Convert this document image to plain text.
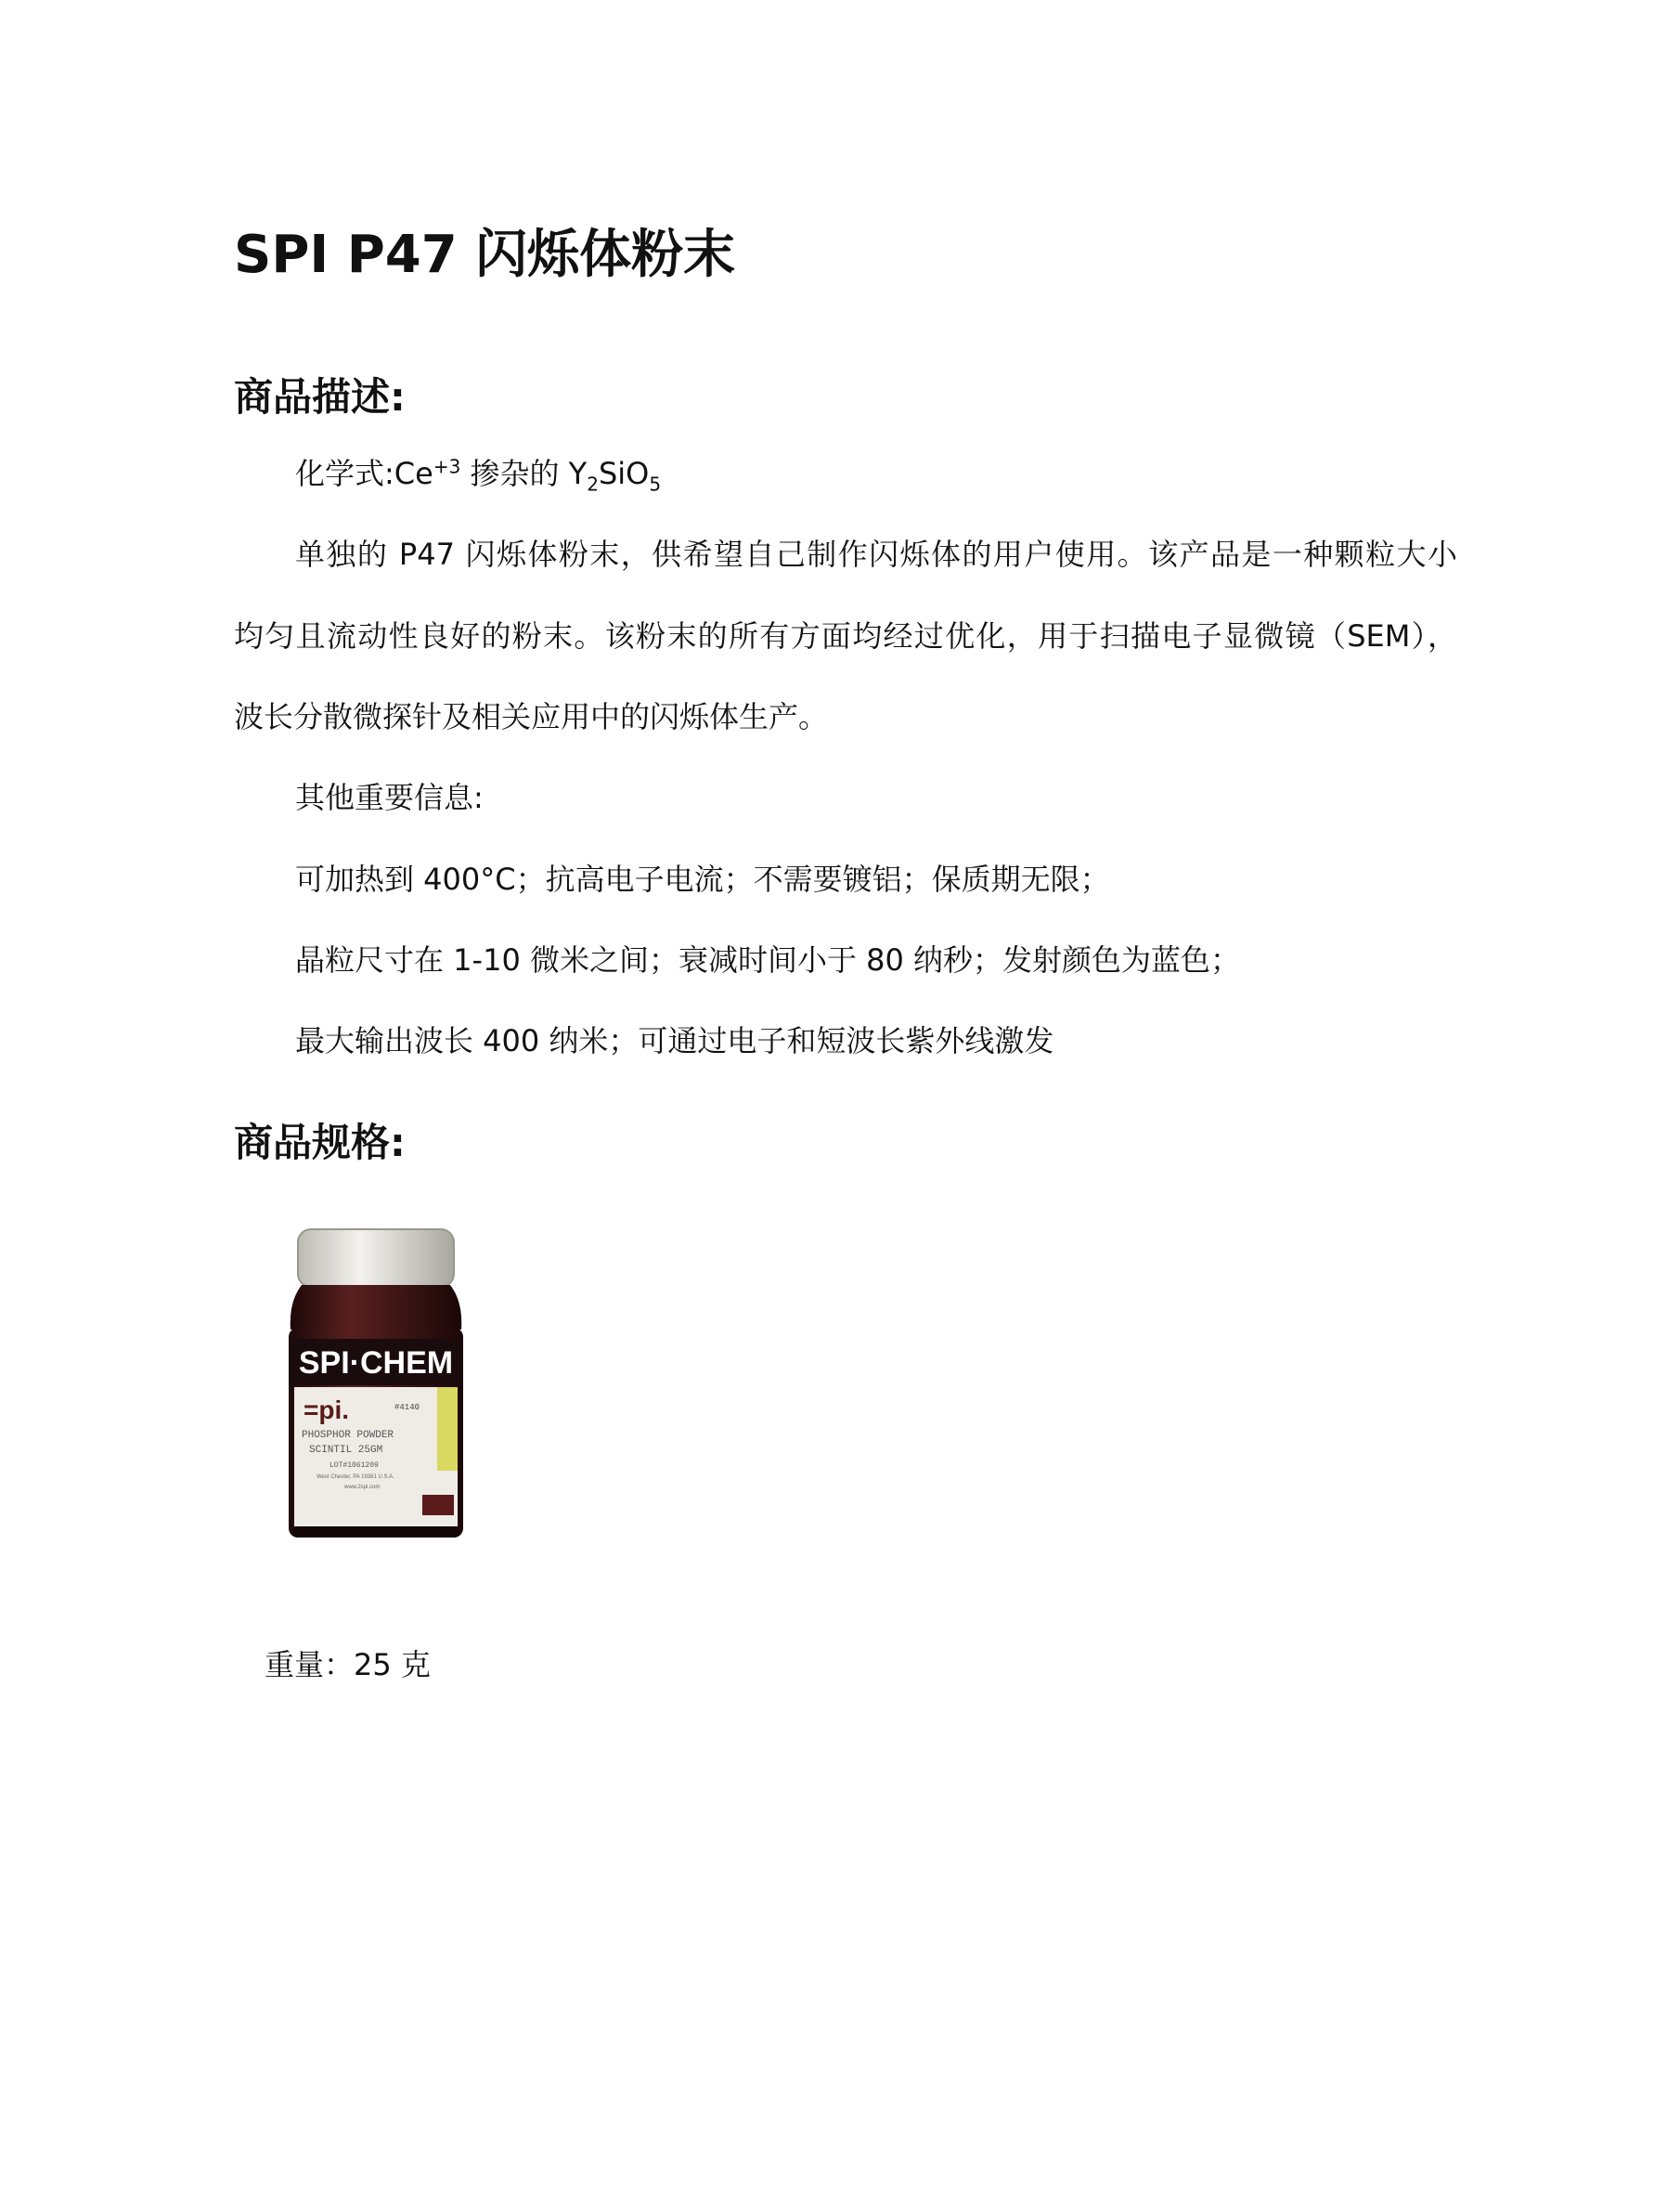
SPI P47 闪烁体粉末
商品描述:

化学式$:Ce^{+3}$ 掺杂的 $Y_2SiO_5$

单独的 P47 闪烁体粉末，供希望自己制作闪烁体的用户使用。该产品是一种颗粒大小

均匀且流动性良好的粉末。该粉末的所有方面均经过优化，用于扫描电子显微镜（SEM），

波长分散微探针及相关应用中的闪烁体生产。

其他重要信息:

可加热到 400°C；抗高电子电流；不需要镀铝；保质期无限；

晶粒尺寸在 1-10 微米之间；衰减时间小于 80 纳秒；发射颜色为蓝色；

最大输出波长 400 纳米；可通过电子和短波长紫外线激发

商品规格:
SPI·CHEM
=pi.	#4140
PHOSPHOR POWDER
SCINTIL 25GM
LOT#1061209
West Chester, PA 19381 U.S.A.
www.2spi.com
重量：25 克
